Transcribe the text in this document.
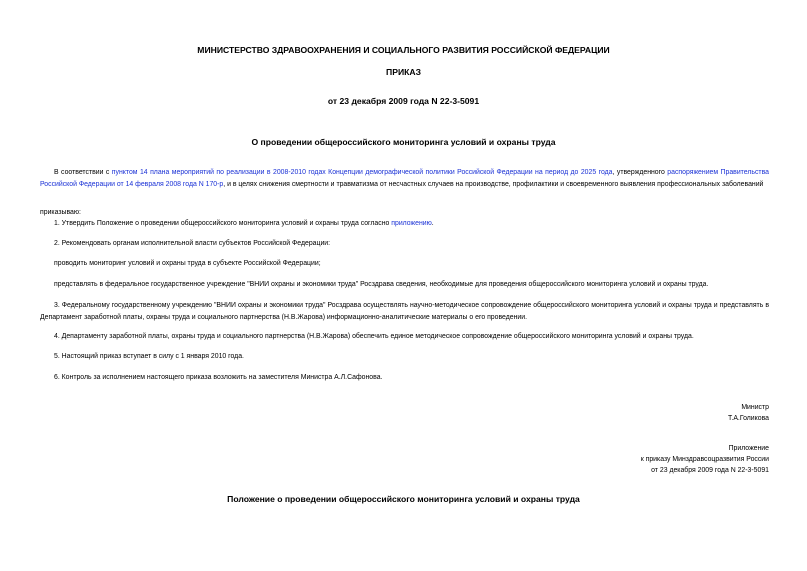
МИНИСТЕРСТВО ЗДРАВООХРАНЕНИЯ И СОЦИАЛЬНОГО РАЗВИТИЯ РОССИЙСКОЙ ФЕДЕРАЦИИ
ПРИКАЗ
от 23 декабря 2009 года N 22-3-5091
О проведении общероссийского мониторинга условий и охраны труда
В соответствии с пунктом 14 плана мероприятий по реализации в 2008-2010 годах Концепции демографической политики Российской Федерации на период до 2025 года, утвержденного распоряжением Правительства Российской Федерации от 14 февраля 2008 года N 170-р, и в целях снижения смертности и травматизма от несчастных случаев на производстве, профилактики и своевременного выявления профессиональных заболеваний
приказываю:
1. Утвердить Положение о проведении общероссийского мониторинга условий и охраны труда согласно приложению.
2. Рекомендовать органам исполнительной власти субъектов Российской Федерации:
проводить мониторинг условий и охраны труда в субъекте Российской Федерации;
представлять в федеральное государственное учреждение "ВНИИ охраны и экономики труда" Росздрава сведения, необходимые для проведения общероссийского мониторинга условий и охраны труда.
3. Федеральному государственному учреждению "ВНИИ охраны и экономики труда" Росздрава осуществлять научно-методическое сопровождение общероссийского мониторинга условий и охраны труда и представлять в Департамент заработной платы, охраны труда и социального партнерства (Н.В.Жарова) информационно-аналитические материалы о его проведении.
4. Департаменту заработной платы, охраны труда и социального партнерства (Н.В.Жарова) обеспечить единое методическое сопровождение общероссийского мониторинга условий и охраны труда.
5. Настоящий приказ вступает в силу с 1 января 2010 года.
6. Контроль за исполнением настоящего приказа возложить на заместителя Министра А.Л.Сафонова.
Министр
Т.А.Голикова
Приложение
к приказу Минздравсоцразвития России
от 23 декабря 2009 года N 22-3-5091
Положение о проведении общероссийского мониторинга условий и охраны труда
